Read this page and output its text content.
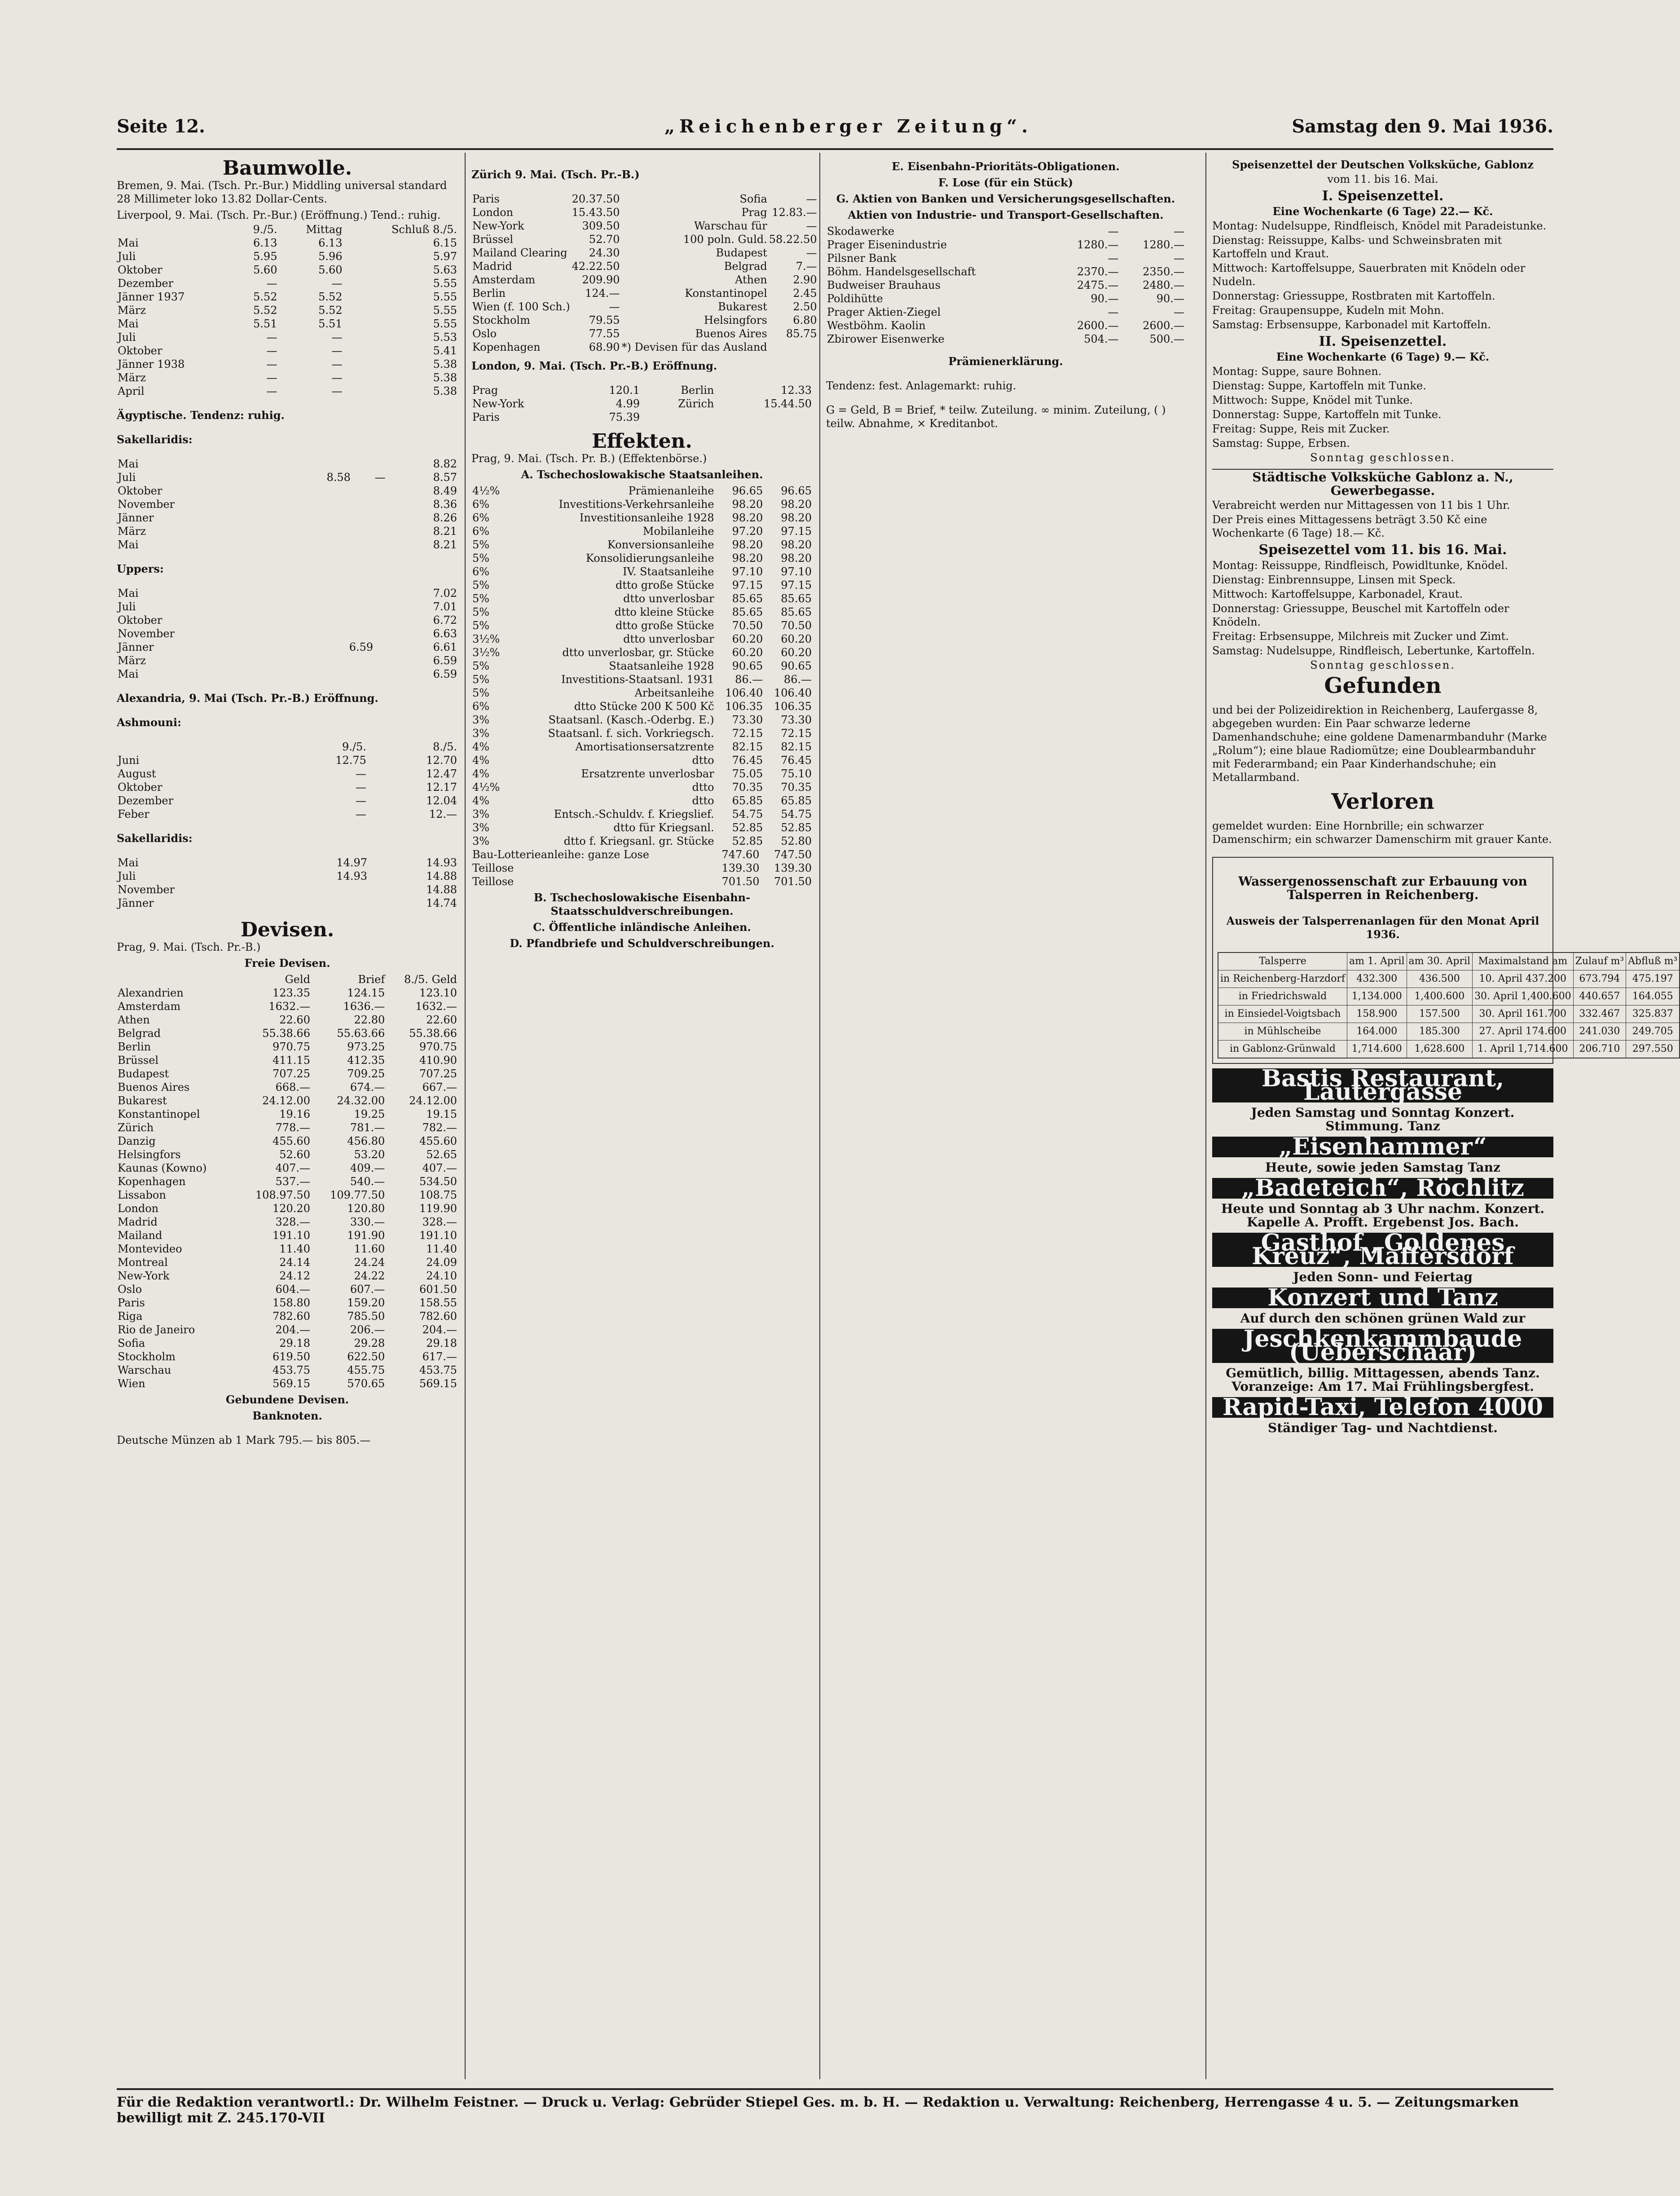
Seite 12.	„Reichenberger Zeitung“.	Samstag den 9. Mai 1936.
Baumwolle.

Bremen, 9. Mai. (Tsch. Pr.-Bur.) Middling universal standard 28 Millimeter loko 13.82 Dollar-Cents.

Liverpool, 9. Mai. (Tsch. Pr.-Bur.) (Eröffnung.) Tend.: ruhig.

	9./5.	Mittag	Schluß 8./5.
Mai	6.13	6.13	6.15
Juli	5.95	5.96	5.97
Oktober	5.60	5.60	5.63
Dezember	—	—	5.55
Jänner 1937	5.52	5.52	5.55
März	5.52	5.52	5.55
Mai	5.51	5.51	5.55
Juli	—	—	5.53
Oktober	—	—	5.41
Jänner 1938	—	—	5.38
März	—	—	5.38
April	—	—	5.38

Ägyptische. Tendenz: ruhig.

Sakellaridis:

Mai			8.82
Juli	8.58	—	8.57
Oktober			8.49
November			8.36
Jänner			8.26
März			8.21
Mai			8.21

Uppers:

Mai			7.02
Juli			7.01
Oktober			6.72
November			6.63
Jänner	6.59		6.61
März			6.59
Mai			6.59

Alexandria, 9. Mai (Tsch. Pr.-B.) Eröffnung.

Ashmouni:

	9./5.	8./5.
Juni	12.75	12.70
August	—	12.47
Oktober	—	12.17
Dezember	—	12.04
Feber	—	12.—

Sakellaridis:

Mai	14.97	14.93
Juli	14.93	14.88
November		14.88
Jänner		14.74
Devisen.

Prag, 9. Mai. (Tsch. Pr.-B.)

Freie Devisen.

	Geld	Brief	8./5. Geld
Alexandrien	123.35	124.15	123.10
Amsterdam	1632.—	1636.—	1632.—
Athen	22.60	22.80	22.60
Belgrad	55.38.66	55.63.66	55.38.66
Berlin	970.75	973.25	970.75
Brüssel	411.15	412.35	410.90
Budapest	707.25	709.25	707.25
Buenos Aires	668.—	674.—	667.—
Bukarest	24.12.00	24.32.00	24.12.00
Konstantinopel	19.16	19.25	19.15
Zürich	778.—	781.—	782.—
Danzig	455.60	456.80	455.60
Helsingfors	52.60	53.20	52.65
Kaunas (Kowno)	407.—	409.—	407.—
Kopenhagen	537.—	540.—	534.50
Lissabon	108.97.50	109.77.50	108.75
London	120.20	120.80	119.90
Madrid	328.—	330.—	328.—
Mailand	191.10	191.90	191.10
Montevideo	11.40	11.60	11.40
Montreal	24.14	24.24	24.09
New-York	24.12	24.22	24.10
Oslo	604.—	607.—	601.50
Paris	158.80	159.20	158.55
Riga	782.60	785.50	782.60
Rio de Janeiro	204.—	206.—	204.—
Sofia	29.18	29.28	29.18
Stockholm	619.50	622.50	617.—
Warschau	453.75	455.75	453.75
Wien	569.15	570.65	569.15

Gebundene Devisen.

Banknoten.

Deutsche Münzen ab 1 Mark 795.— bis 805.—

Zürich 9. Mai. (Tsch. Pr.-B.)

Paris	20.37.50	Sofia	—
London	15.43.50	Prag	12.83.—
New-York	309.50	Warschau für	—
Brüssel	52.70	100 poln. Guld.	58.22.50
Mailand Clearing	24.30	Budapest	—
Madrid	42.22.50	Belgrad	7.—
Amsterdam	209.90	Athen	2.90
Berlin	124.—	Konstantinopel	2.45
Wien (f. 100 Sch.)	—	Bukarest	2.50
Stockholm	79.55	Helsingfors	6.80
Oslo	77.55	Buenos Aires	85.75
Kopenhagen	68.90	*) Devisen für das Ausland	

London, 9. Mai. (Tsch. Pr.-B.) Eröffnung.

Prag	120.1	Berlin	12.33
New-York	4.99	Zürich	15.44.50
Paris	75.39		
Effekten.

Prag, 9. Mai. (Tsch. Pr. B.) (Effektenbörse.)

A. Tschechoslowakische Staatsanleihen.

4½%	Prämienanleihe	96.65	96.65
6%	Investitions-Verkehrsanleihe	98.20	98.20
6%	Investitionsanleihe 1928	98.20	98.20
6%	Mobilanleihe	97.20	97.15
5%	Konversionsanleihe	98.20	98.20
5%	Konsolidierungsanleihe	98.20	98.20
6%	IV. Staatsanleihe	97.10	97.10
5%	dtto große Stücke	97.15	97.15
5%	dtto unverlosbar	85.65	85.65
5%	dtto kleine Stücke	85.65	85.65
5%	dtto große Stücke	70.50	70.50
3½%	dtto unverlosbar	60.20	60.20
3½%	dtto unverlosbar, gr. Stücke	60.20	60.20
5%	Staatsanleihe 1928	90.65	90.65
5%	Investitions-Staatsanl. 1931	86.—	86.—
5%	Arbeitsanleihe	106.40	106.40
6%	dtto Stücke 200 K 500 Kč	106.35	106.35
3%	Staatsanl. (Kasch.-Oderbg. E.)	73.30	73.30
3%	Staatsanl. f. sich. Vorkriegsch.	72.15	72.15
4%	Amortisationsersatzrente	82.15	82.15
4%	dtto	76.45	76.45
4%	Ersatzrente unverlosbar	75.05	75.10
4½%	dtto	70.35	70.35
4%	dtto	65.85	65.85
3%	Entsch.-Schuldv. f. Kriegslief.	54.75	54.75
3%	dtto für Kriegsanl.	52.85	52.85
3%	dtto f. Kriegsanl. gr. Stücke	52.85	52.80
Bau-Lotterieanleihe: ganze Lose	747.60	747.50
Teillose	139.30	139.30
Teillose	701.50	701.50

B. Tschechoslowakische Eisenbahn-Staatsschuldverschreibungen.

C. Öffentliche inländische Anleihen.

D. Pfandbriefe und Schuldverschreibungen.

E. Eisenbahn-Prioritäts-Obligationen.

F. Lose (für ein Stück)

G. Aktien von Banken und Versicherungsgesellschaften.

Aktien von Industrie- und Transport-Gesellschaften.

Skodawerke	—	—
Prager Eisenindustrie	1280.—	1280.—
Pilsner Bank	—	—
Böhm. Handelsgesellschaft	2370.—	2350.—
Budweiser Brauhaus	2475.—	2480.—
Poldihütte	90.—	90.—
Prager Aktien-Ziegel	—	—
Westböhm. Kaolin	2600.—	2600.—
Zbirower Eisenwerke	504.—	500.—

Prämienerklärung.

Tendenz: fest. Anlagemarkt: ruhig.

G = Geld, B = Brief, * teilw. Zuteilung. ∞ minim. Zuteilung, ( ) teilw. Abnahme, × Kreditanbot.

Speisenzettel der Deutschen Volksküche, Gablonz

vom 11. bis 16. Mai.

I. Speisenzettel.

Eine Wochenkarte (6 Tage) 22.— Kč.

Montag: Nudelsuppe, Rindfleisch, Knödel mit Paradeistunke.

Dienstag: Reissuppe, Kalbs- und Schweinsbraten mit Kartoffeln und Kraut.

Mittwoch: Kartoffelsuppe, Sauerbraten mit Knödeln oder Nudeln.

Donnerstag: Griessuppe, Rostbraten mit Kartoffeln.

Freitag: Graupensuppe, Kudeln mit Mohn.

Samstag: Erbsensuppe, Karbonadel mit Kartoffeln.

II. Speisenzettel.

Eine Wochenkarte (6 Tage) 9.— Kč.

Montag: Suppe, saure Bohnen.

Dienstag: Suppe, Kartoffeln mit Tunke.

Mittwoch: Suppe, Knödel mit Tunke.

Donnerstag: Suppe, Kartoffeln mit Tunke.

Freitag: Suppe, Reis mit Zucker.

Samstag: Suppe, Erbsen.

Sonntag geschlossen.

Städtische Volksküche Gablonz a. N., Gewerbegasse.

Verabreicht werden nur Mittagessen von 11 bis 1 Uhr.

Der Preis eines Mittagessens beträgt 3.50 Kč eine Wochenkarte (6 Tage) 18.— Kč.

Speisezettel vom 11. bis 16. Mai.

Montag: Reissuppe, Rindfleisch, Powidltunke, Knödel.

Dienstag: Einbrennsuppe, Linsen mit Speck.

Mittwoch: Kartoffelsuppe, Karbonadel, Kraut.

Donnerstag: Griessuppe, Beuschel mit Kartoffeln oder Knödeln.

Freitag: Erbsensuppe, Milchreis mit Zucker und Zimt.

Samstag: Nudelsuppe, Rindfleisch, Lebertunke, Kartoffeln.

Sonntag geschlossen.

Gefunden

und bei der Polizeidirektion in Reichenberg, Laufergasse 8, abgegeben wurden: Ein Paar schwarze lederne Damenhandschuhe; eine goldene Damenarmbanduhr (Marke „Rolum“); eine blaue Radiomütze; eine Doublearmbanduhr mit Federarmband; ein Paar Kinderhandschuhe; ein Metallarmband.

Verloren

gemeldet wurden: Eine Hornbrille; ein schwarzer Damenschirm; ein schwarzer Damenschirm mit grauer Kante.

Wassergenossenschaft zur Erbauung von Talsperren in Reichenberg.

Ausweis der Talsperrenanlagen für den Monat April 1936.

Talsperre	am 1. April	am 30. April	Maximalstand am	Zulauf m³	Abfluß m³
in Reichenberg-Harzdorf	432.300	436.500	10. April 437.200	673.794	475.197
in Friedrichswald	1,134.000	1,400.600	30. April 1,400.600	440.657	164.055
in Einsiedel-Voigtsbach	158.900	157.500	30. April 161.700	332.467	325.837
in Mühlscheibe	164.000	185.300	27. April 174.600	241.030	249.705
in Gablonz-Grünwald	1,714.600	1,628.600	1. April 1,714.600	206.710	297.550
Bastis Restaurant, Lautergasse
Jeden Samstag und Sonntag Konzert. Stimmung. Tanz
„Eisenhammer“
Heute, sowie jeden Samstag Tanz
„Badeteich“, Röchlitz
Heute und Sonntag ab 3 Uhr nachm. Konzert. Kapelle A. Profft. Ergebenst Jos. Bach.
Gasthof „Goldenes Kreuz“, Maffersdorf
Jeden Sonn- und Feiertag
Konzert und Tanz
Auf durch den schönen grünen Wald zur
Jeschkenkammbaude (Ueberschaar)
Gemütlich, billig. Mittagessen, abends Tanz. Voranzeige: Am 17. Mai Frühlingsbergfest.
Rapid-Taxi, Telefon 4000
Ständiger Tag- und Nachtdienst.
Für die Redaktion verantwortl.: Dr. Wilhelm Feistner. — Druck u. Verlag: Gebrüder Stiepel Ges. m. b. H. — Redaktion u. Verwaltung: Reichenberg, Herrengasse 4 u. 5. — Zeitungsmarken bewilligt mit Z. 245.170-VII
